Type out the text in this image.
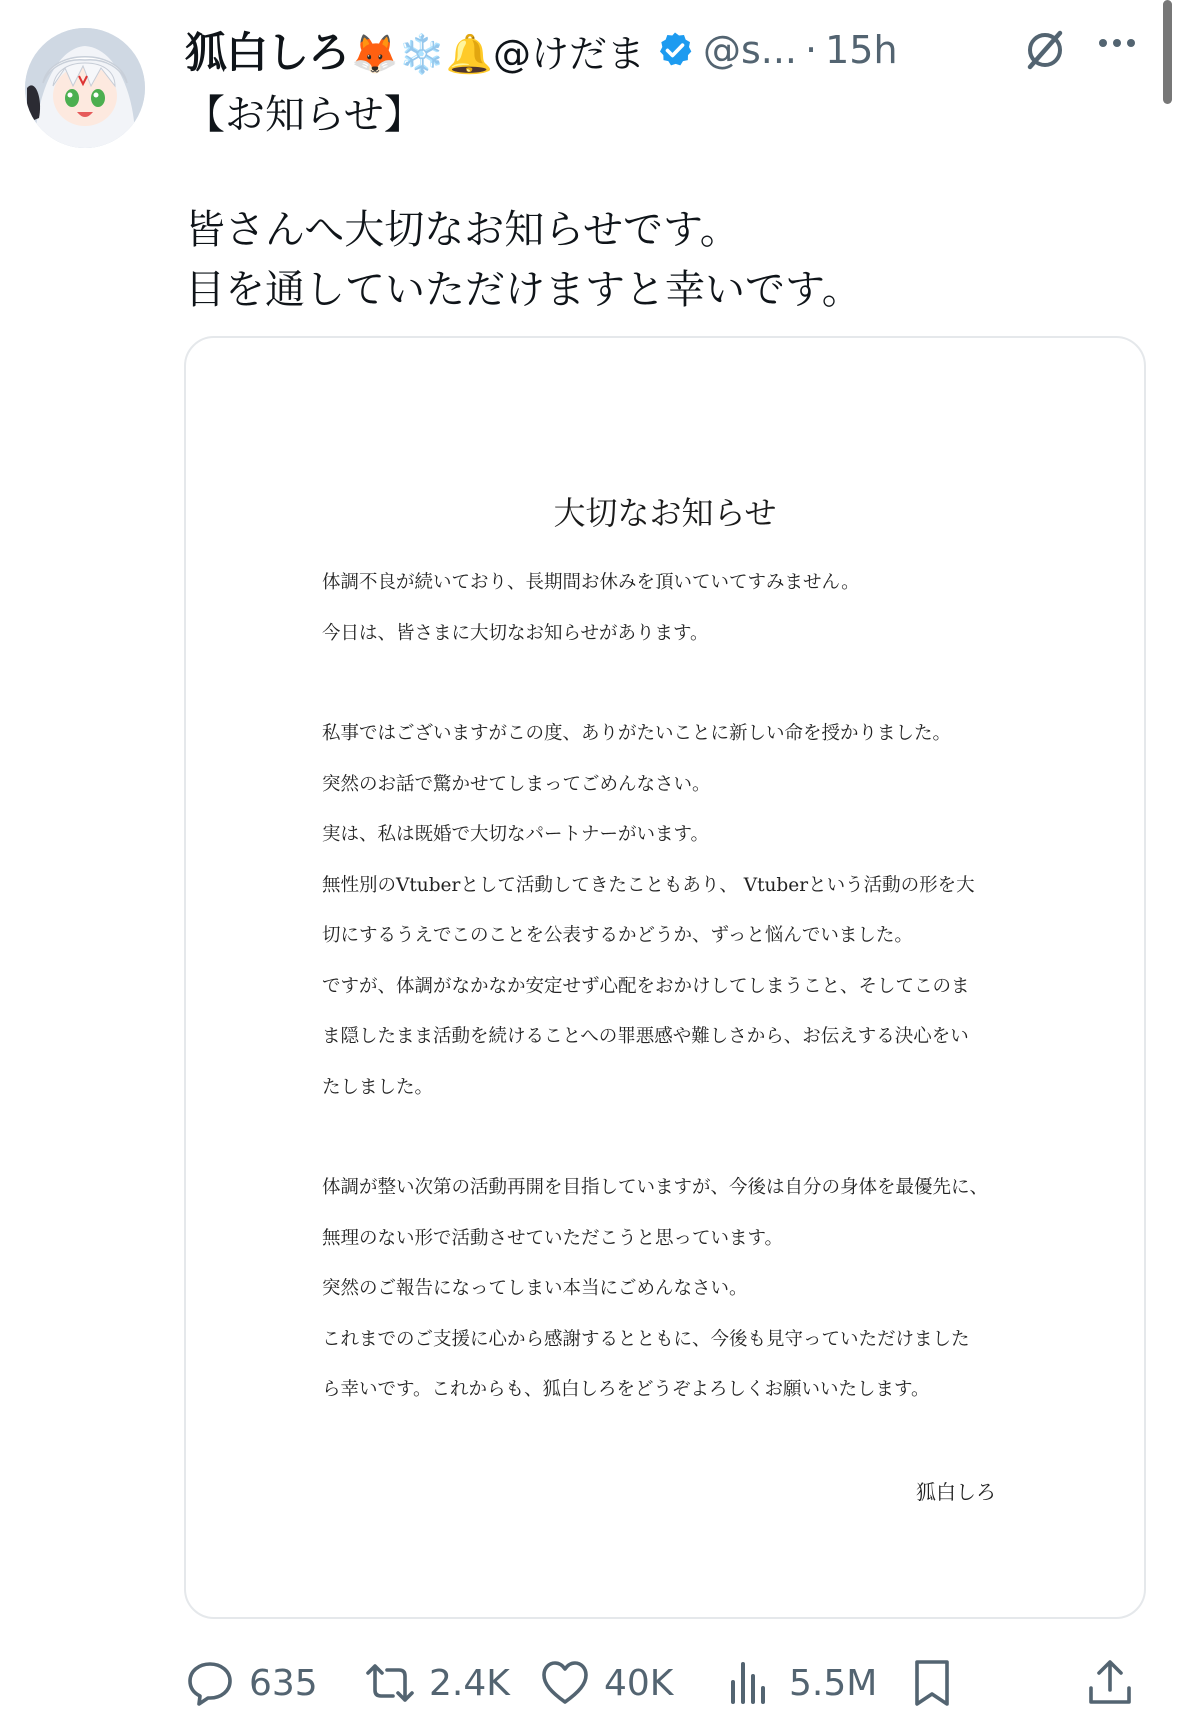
狐白しろ 🦊❄️🔔@けだま @s... · 15h
【お知らせ】
皆さんへ大切なお知らせです。
目を通していただけますと幸いです。
大切なお知らせ
体調不良が続いており、長期間お休みを頂いていてすみません。
今日は、皆さまに大切なお知らせがあります。
私事ではございますがこの度、ありがたいことに新しい命を授かりました。
突然のお話で驚かせてしまってごめんなさい。
実は、私は既婚で大切なパートナーがいます。
無性別のVtuberとして活動してきたこともあり、 Vtuberという活動の形を大
切にするうえでこのことを公表するかどうか、ずっと悩んでいました。
ですが、体調がなかなか安定せず心配をおかけしてしまうこと、そしてこのま
ま隠したまま活動を続けることへの罪悪感や難しさから、お伝えする決心をい
たしました。
体調が整い次第の活動再開を目指していますが、今後は自分の身体を最優先に、
無理のない形で活動させていただこうと思っています。
突然のご報告になってしまい本当にごめんなさい。
これまでのご支援に心から感謝するとともに、今後も見守っていただけました
ら幸いです。これからも、狐白しろをどうぞよろしくお願いいたします。
狐白しろ
635	2.4K	40K	5.5M
